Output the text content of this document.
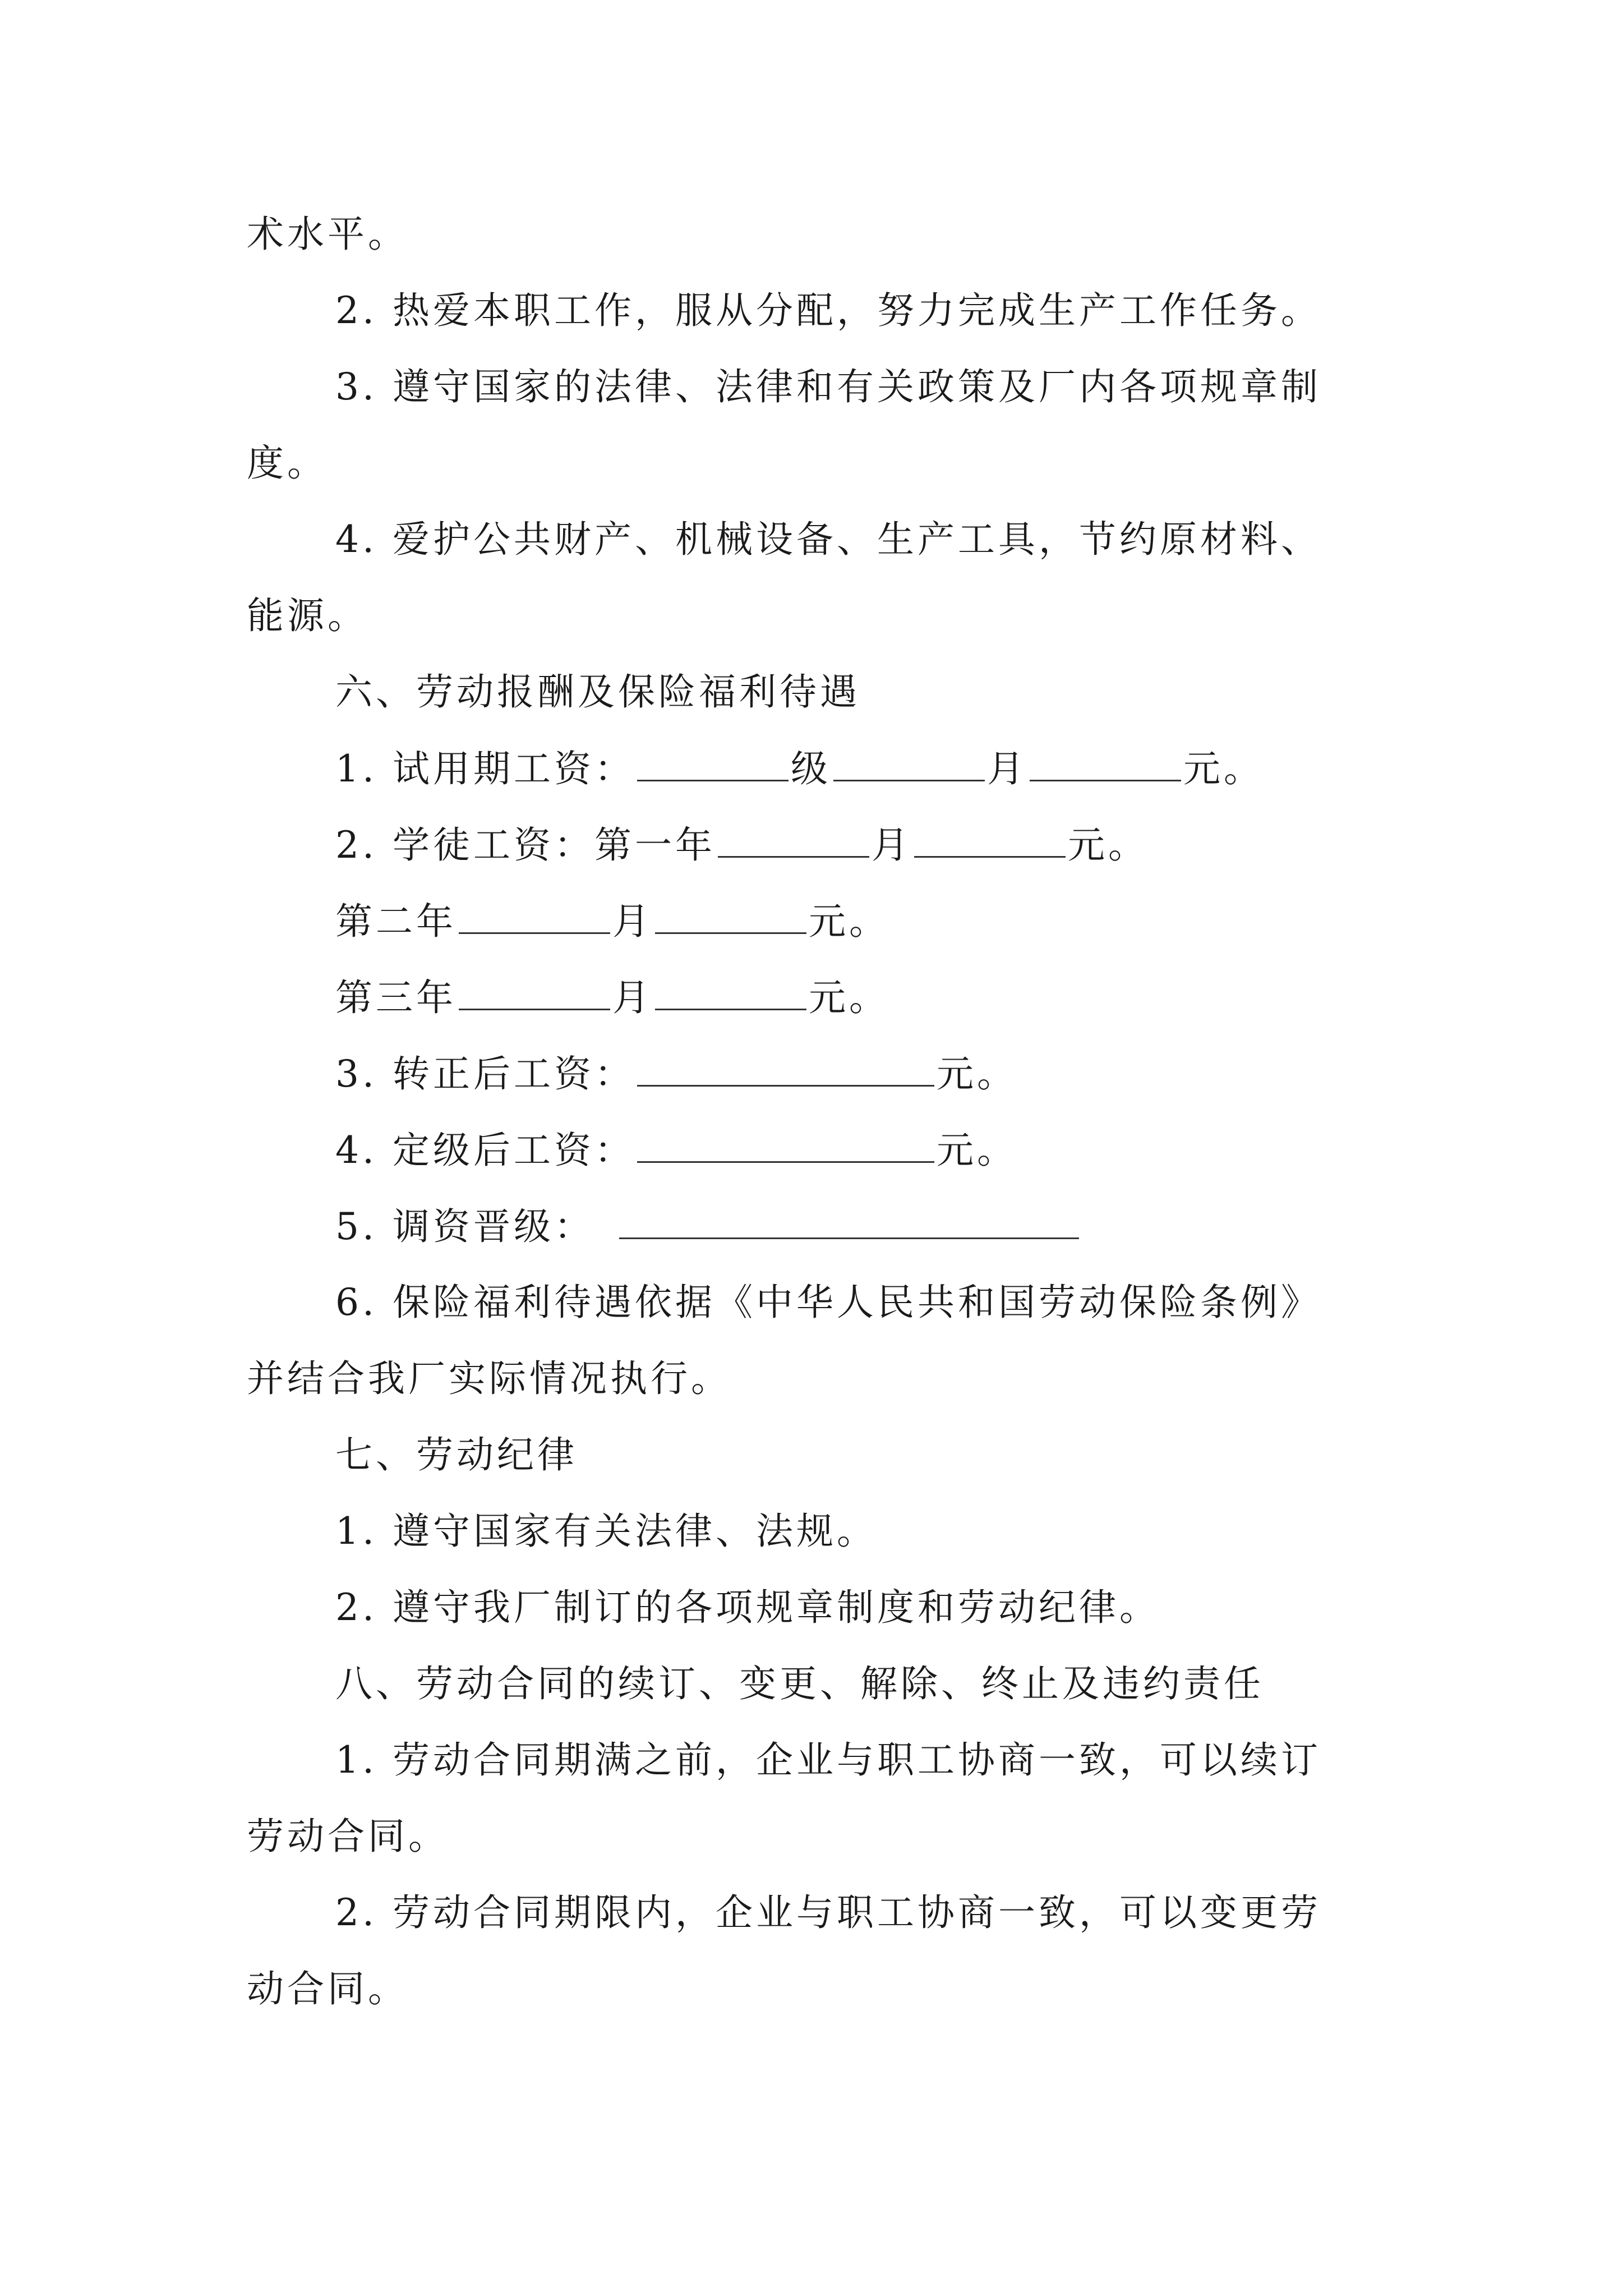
术水平。
2. 热爱本职工作，服从分配，努力完成生产工作任务。
3. 遵守国家的法律、法律和有关政策及厂内各项规章制
度。
4. 爱护公共财产、机械设备、生产工具，节约原材料、
能源。
六、劳动报酬及保险福利待遇
1. 试用期工资：	级	月	元。
2. 学徒工资：第一年	月	元。
第二年	月	元。
第三年	月	元。
3. 转正后工资：	元。
4. 定级后工资：	元。
5. 调资晋级：
6. 保险福利待遇依据《中华人民共和国劳动保险条例》
并结合我厂实际情况执行。
七、劳动纪律
1. 遵守国家有关法律、法规。
2. 遵守我厂制订的各项规章制度和劳动纪律。
八、劳动合同的续订、变更、解除、终止及违约责任
1. 劳动合同期满之前，企业与职工协商一致，可以续订
劳动合同。
2. 劳动合同期限内，企业与职工协商一致，可以变更劳
动合同。
